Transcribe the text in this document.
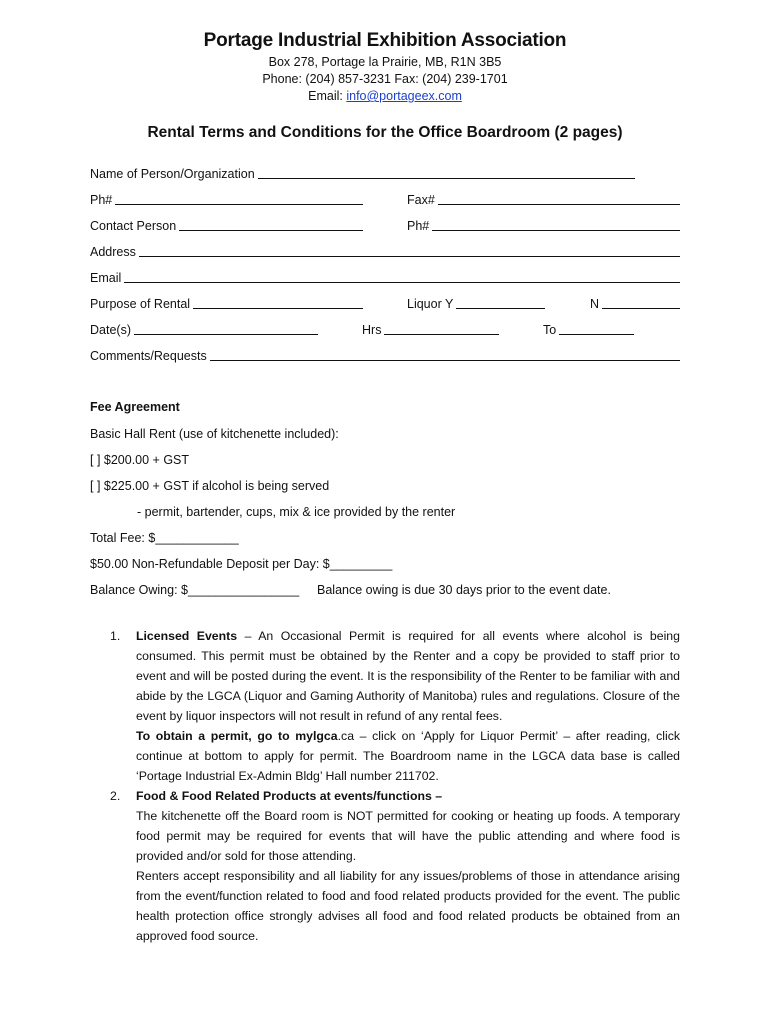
Portage Industrial Exhibition Association
Box 278, Portage la Prairie, MB, R1N 3B5
Phone: (204) 857-3231 Fax: (204) 239-1701
Email: info@portageex.com
Rental Terms and Conditions for the Office Boardroom (2 pages)
Name of Person/Organization
Ph#	Fax#
Contact Person	Ph#
Address
Email
Purpose of Rental	Liquor Y	N
Date(s)	Hrs	To
Comments/Requests
Fee Agreement
Basic Hall Rent (use of kitchenette included):
[ ] $200.00 + GST
[ ] $225.00 + GST if alcohol is being served
- permit, bartender, cups, mix & ice provided by the renter
Total Fee: $____________
$50.00 Non-Refundable Deposit per Day: $_________
Balance Owing: $________________ Balance owing is due 30 days prior to the event date.
1. Licensed Events – An Occasional Permit is required for all events where alcohol is being consumed. This permit must be obtained by the Renter and a copy be provided to staff prior to event and will be posted during the event. It is the responsibility of the Renter to be familiar with and abide by the LGCA (Liquor and Gaming Authority of Manitoba) rules and regulations. Closure of the event by liquor inspectors will not result in refund of any rental fees.
To obtain a permit, go to mylgca.ca – click on ‘Apply for Liquor Permit’ – after reading, click continue at bottom to apply for permit. The Boardroom name in the LGCA data base is called ‘Portage Industrial Ex-Admin Bldg’ Hall number 211702.
2. Food & Food Related Products at events/functions –
The kitchenette off the Board room is NOT permitted for cooking or heating up foods. A temporary food permit may be required for events that will have the public attending and where food is provided and/or sold for those attending.
Renters accept responsibility and all liability for any issues/problems of those in attendance arising from the event/function related to food and food related products provided for the event. The public health protection office strongly advises all food and food related products be obtained from an approved food source.
